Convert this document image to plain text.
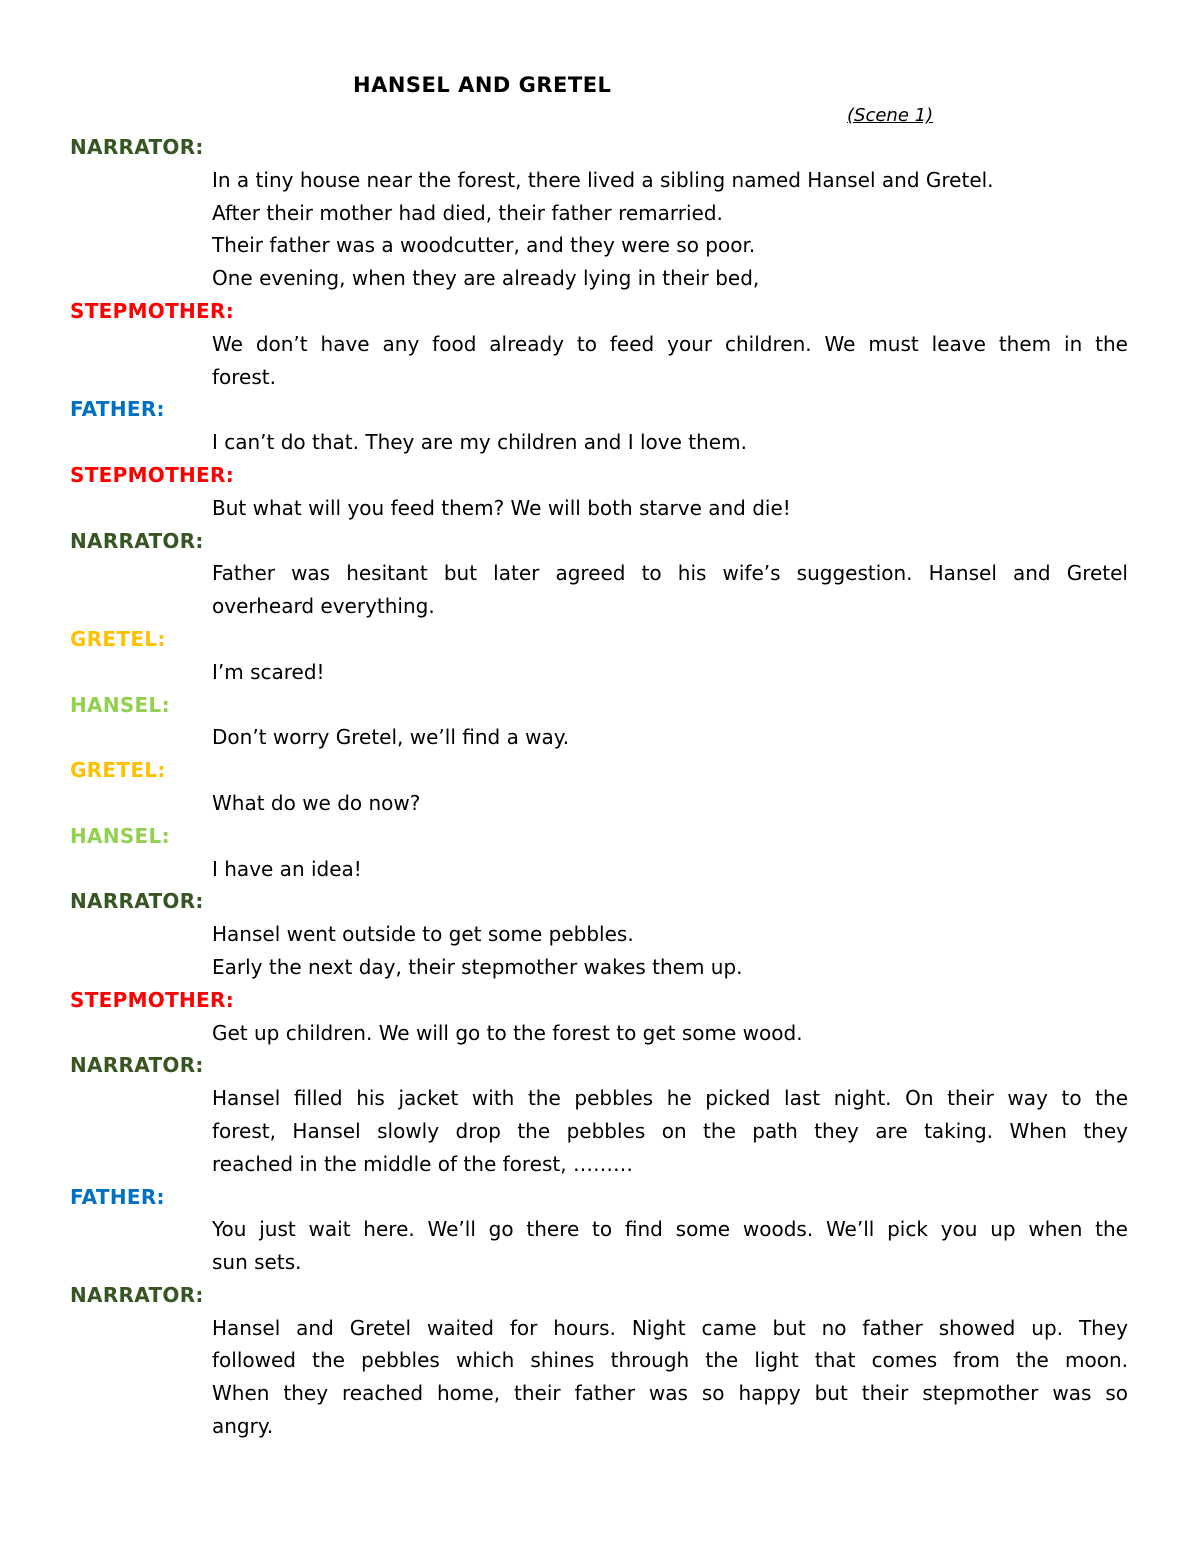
HANSEL AND GRETEL
(Scene 1)
NARRATOR:
In a tiny house near the forest, there lived a sibling named Hansel and Gretel.
After their mother had died, their father remarried.
Their father was a woodcutter, and they were so poor.
One evening, when they are already lying in their bed,
STEPMOTHER:
We don’t have any food already to feed your children. We must leave them in the
forest.
FATHER:
I can’t do that. They are my children and I love them.
STEPMOTHER:
But what will you feed them? We will both starve and die!
NARRATOR:
Father was hesitant but later agreed to his wife’s suggestion. Hansel and Gretel
overheard everything.
GRETEL:
I’m scared!
HANSEL:
Don’t worry Gretel, we’ll find a way.
GRETEL:
What do we do now?
HANSEL:
I have an idea!
NARRATOR:
Hansel went outside to get some pebbles.
Early the next day, their stepmother wakes them up.
STEPMOTHER:
Get up children. We will go to the forest to get some wood.
NARRATOR:
Hansel filled his jacket with the pebbles he picked last night. On their way to the
forest, Hansel slowly drop the pebbles on the path they are taking. When they
reached in the middle of the forest, ………
FATHER:
You just wait here. We’ll go there to find some woods. We’ll pick you up when the
sun sets.
NARRATOR:
Hansel and Gretel waited for hours. Night came but no father showed up. They
followed the pebbles which shines through the light that comes from the moon.
When they reached home, their father was so happy but their stepmother was so
angry.
